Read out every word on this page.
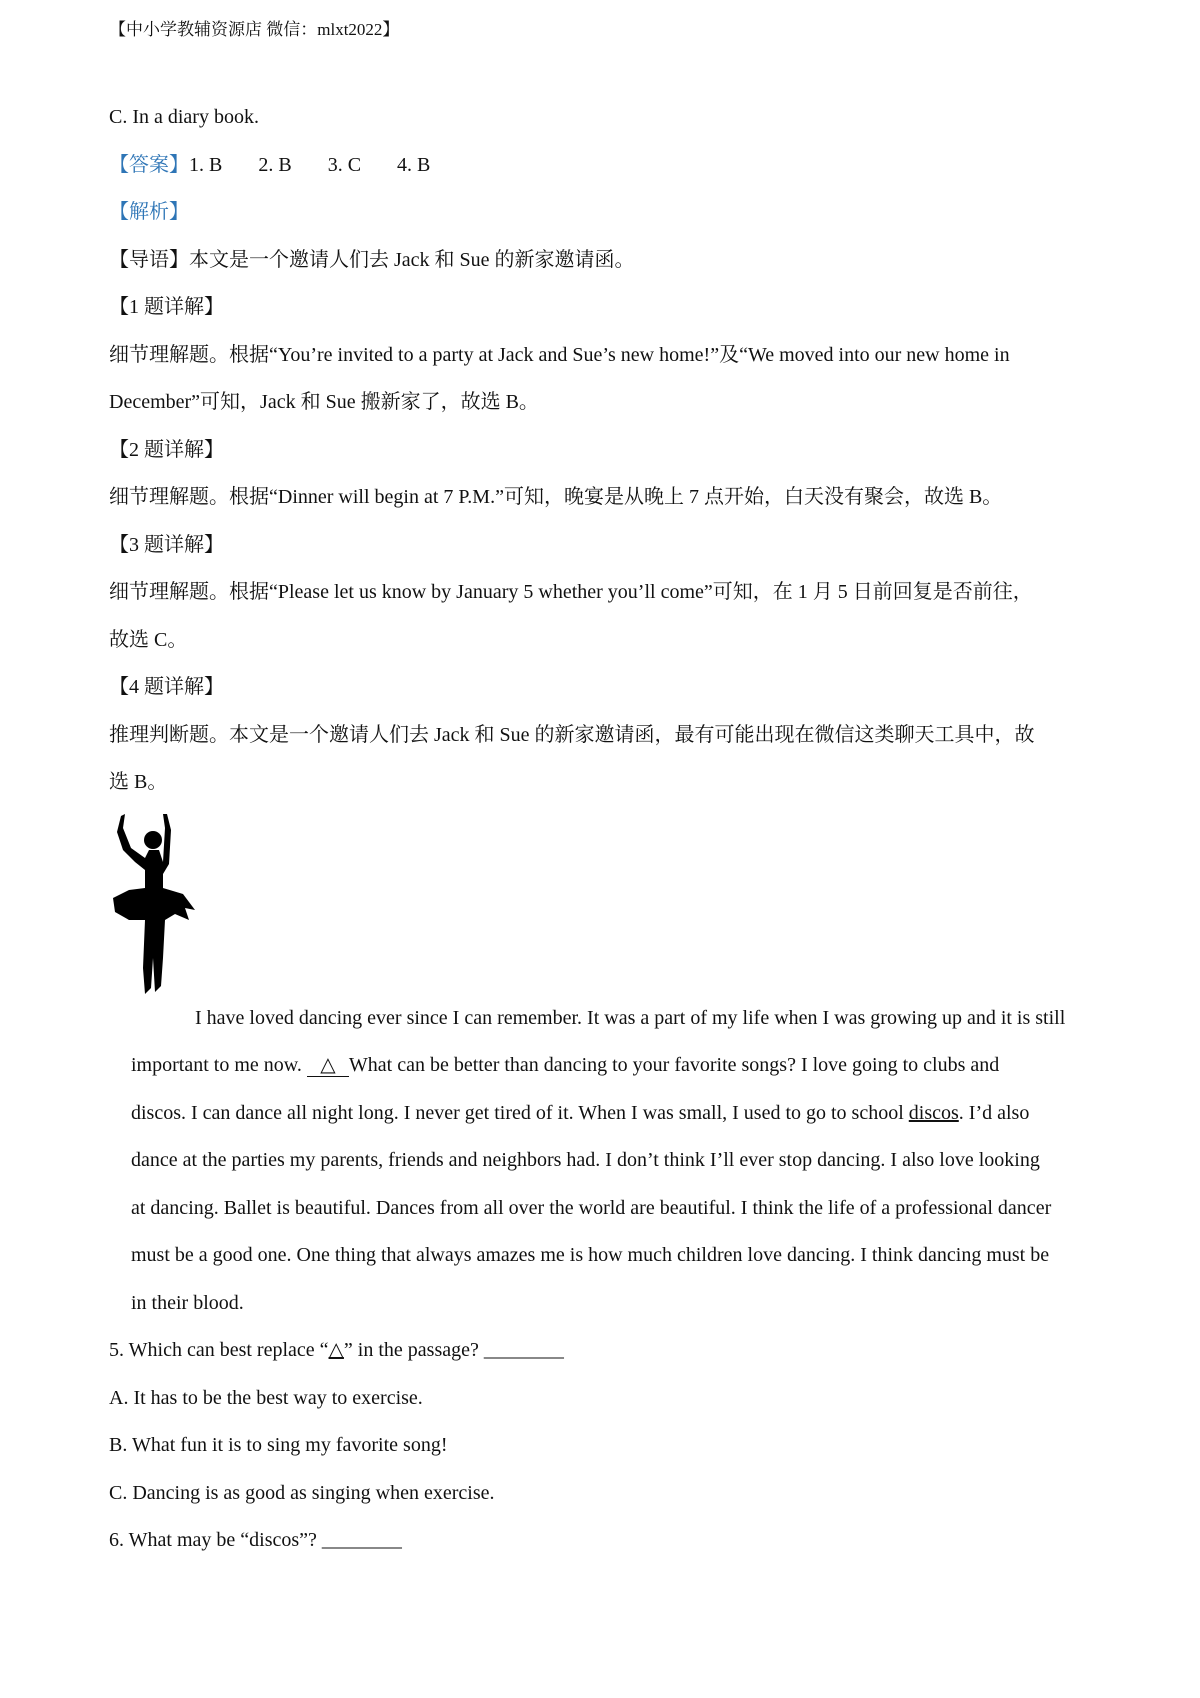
【中小学教辅资源店 微信：mlxt2022】
C. In a diary book.
【答案】1. B 2. B 3. C 4. B
【解析】
【导语】本文是一个邀请人们去 Jack 和 Sue 的新家邀请函。
【1 题详解】
细节理解题。根据“You’re invited to a party at Jack and Sue’s new home!”及“We moved into our new home in
December”可知，Jack 和 Sue 搬新家了，故选 B。
【2 题详解】
细节理解题。根据“Dinner will begin at 7 P.M.”可知，晚宴是从晚上 7 点开始，白天没有聚会，故选 B。
【3 题详解】
细节理解题。根据“Please let us know by January 5 whether you’ll come”可知，在 1 月 5 日前回复是否前往，
故选 C。
【4 题详解】
推理判断题。本文是一个邀请人们去 Jack 和 Sue 的新家邀请函，最有可能出现在微信这类聊天工具中，故
选 B。
I have loved dancing ever since I can remember. It was a part of my life when I was growing up and it is still
important to me now. △What can be better than dancing to your favorite songs? I love going to clubs and
discos. I can dance all night long. I never get tired of it. When I was small, I used to go to school discos. I’d also
dance at the parties my parents, friends and neighbors had. I don’t think I’ll ever stop dancing. I also love looking
at dancing. Ballet is beautiful. Dances from all over the world are beautiful. I think the life of a professional dancer
must be a good one. One thing that always amazes me is how much children love dancing. I think dancing must be
in their blood.
5. Which can best replace “△” in the passage? ________
A. It has to be the best way to exercise.
B. What fun it is to sing my favorite song!
C. Dancing is as good as singing when exercise.
6. What may be “discos”? ________
